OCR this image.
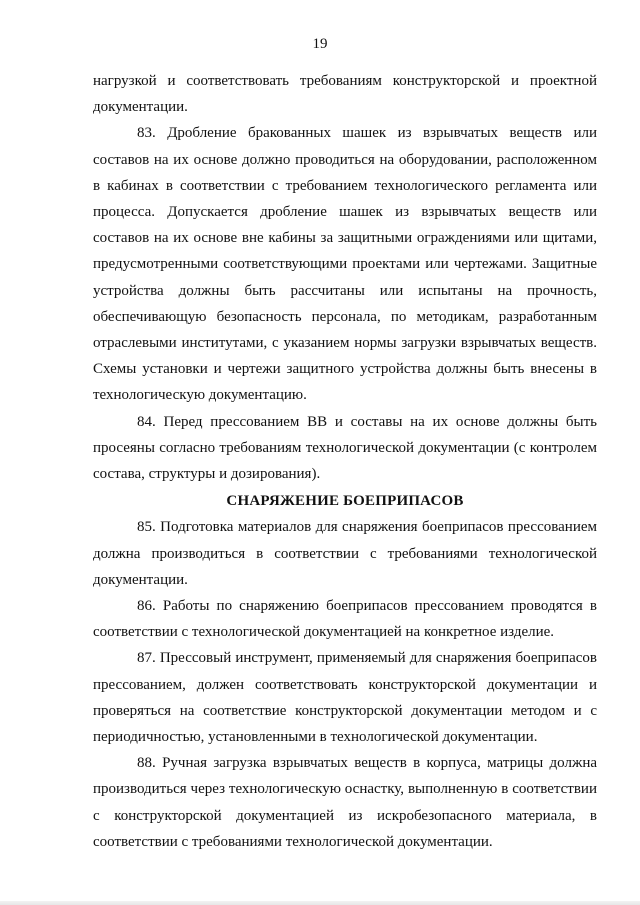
19

нагрузкой и соответствовать требованиям конструкторской и проектной документации.

83. Дробление бракованных шашек из взрывчатых веществ или составов на их основе должно проводиться на оборудовании, расположенном в кабинах в соответствии с требованием технологического регламента или процесса. Допускается дробление шашек из взрывчатых веществ или составов на их основе вне кабины за защитными ограждениями или щитами, предусмотренными соответствующими проектами или чертежами. Защитные устройства должны быть рассчитаны или испытаны на прочность, обеспечивающую безопасность персонала, по методикам, разработанным отраслевыми институтами, с указанием нормы загрузки взрывчатых веществ. Схемы установки и чертежи защитного устройства должны быть внесены в технологическую документацию.

84. Перед прессованием ВВ и составы на их основе должны быть просеяны согласно требованиям технологической документации (с контролем состава, структуры и дозирования).

СНАРЯЖЕНИЕ БОЕПРИПАСОВ

85. Подготовка материалов для снаряжения боеприпасов прессованием должна производиться в соответствии с требованиями технологической документации.

86. Работы по снаряжению боеприпасов прессованием проводятся в соответствии с технологической документацией на конкретное изделие.

87. Прессовый инструмент, применяемый для снаряжения боеприпасов прессованием, должен соответствовать конструкторской документации и проверяться на соответствие конструкторской документации методом и с периодичностью, установленными в технологической документации.

88. Ручная загрузка взрывчатых веществ в корпуса, матрицы должна производиться через технологическую оснастку, выполненную в соответствии с конструкторской документацией из искробезопасного материала, в соответствии с требованиями технологической документации.
